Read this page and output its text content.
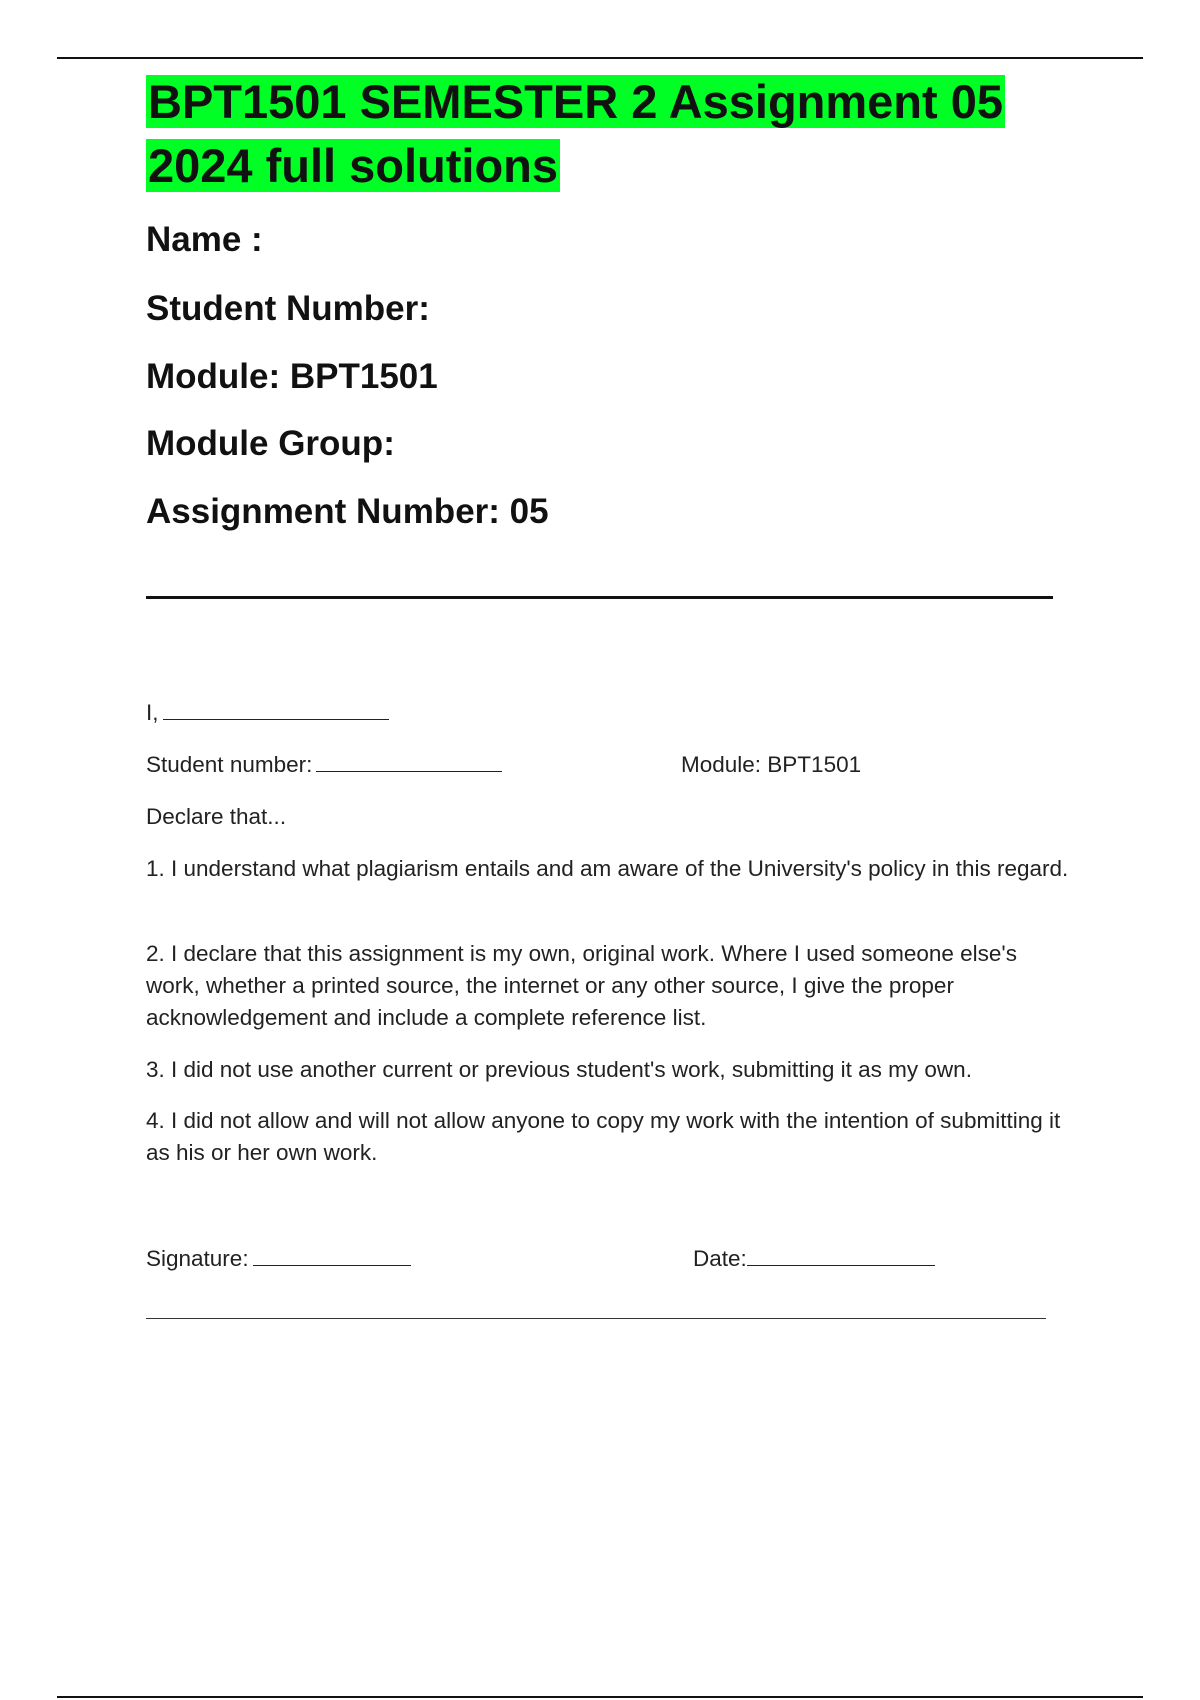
BPT1501 SEMESTER 2 Assignment 05 2024 full solutions

Name :

Student Number:

Module: BPT1501

Module Group:

Assignment Number: 05

I,

Student number:	Module: BPT1501

Declare that...

1. I understand what plagiarism entails and am aware of the University's policy in this regard.

2. I declare that this assignment is my own, original work. Where I used someone else's work, whether a printed source, the internet or any other source, I give the proper acknowledgement and include a complete reference list.

3. I did not use another current or previous student's work, submitting it as my own.

4. I did not allow and will not allow anyone to copy my work with the intention of submitting it as his or her own work.

Signature:	Date:
